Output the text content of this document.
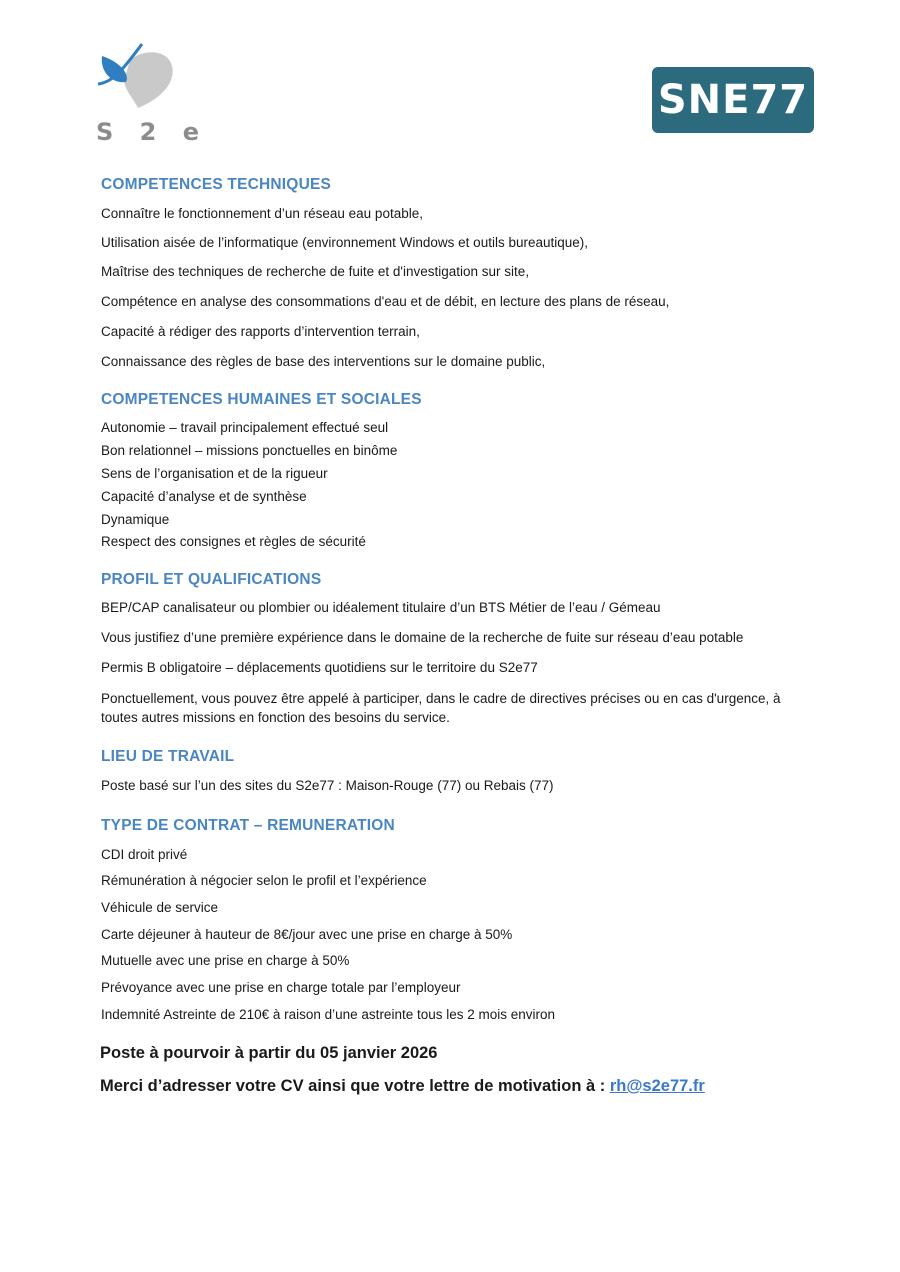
S 2 e
SNE77
COMPETENCES TECHNIQUES
Connaître le fonctionnement d’un réseau eau potable,
Utilisation aisée de l’informatique (environnement Windows et outils bureautique),
Maîtrise des techniques de recherche de fuite et d'investigation sur site,
Compétence en analyse des consommations d'eau et de débit, en lecture des plans de réseau,
Capacité à rédiger des rapports d’intervention terrain,
Connaissance des règles de base des interventions sur le domaine public,
COMPETENCES HUMAINES ET SOCIALES
Autonomie – travail principalement effectué seul
Bon relationnel – missions ponctuelles en binôme
Sens de l’organisation et de la rigueur
Capacité d’analyse et de synthèse
Dynamique
Respect des consignes et règles de sécurité
PROFIL ET QUALIFICATIONS
BEP/CAP canalisateur ou plombier ou idéalement titulaire d’un BTS Métier de l’eau / Gémeau
Vous justifiez d’une première expérience dans le domaine de la recherche de fuite sur réseau d’eau potable
Permis B obligatoire – déplacements quotidiens sur le territoire du S2e77
Ponctuellement, vous pouvez être appelé à participer, dans le cadre de directives précises ou en cas d'urgence, à toutes autres missions en fonction des besoins du service.
LIEU DE TRAVAIL
Poste basé sur l’un des sites du S2e77 : Maison-Rouge (77) ou Rebais (77)
TYPE DE CONTRAT – REMUNERATION
CDI droit privé
Rémunération à négocier selon le profil et l’expérience
Véhicule de service
Carte déjeuner à hauteur de 8€/jour avec une prise en charge à 50%
Mutuelle avec une prise en charge à 50%
Prévoyance avec une prise en charge totale par l’employeur
Indemnité Astreinte de 210€ à raison d’une astreinte tous les 2 mois environ
Poste à pourvoir à partir du 05 janvier 2026
Merci d’adresser votre CV ainsi que votre lettre de motivation à : rh@s2e77.fr
